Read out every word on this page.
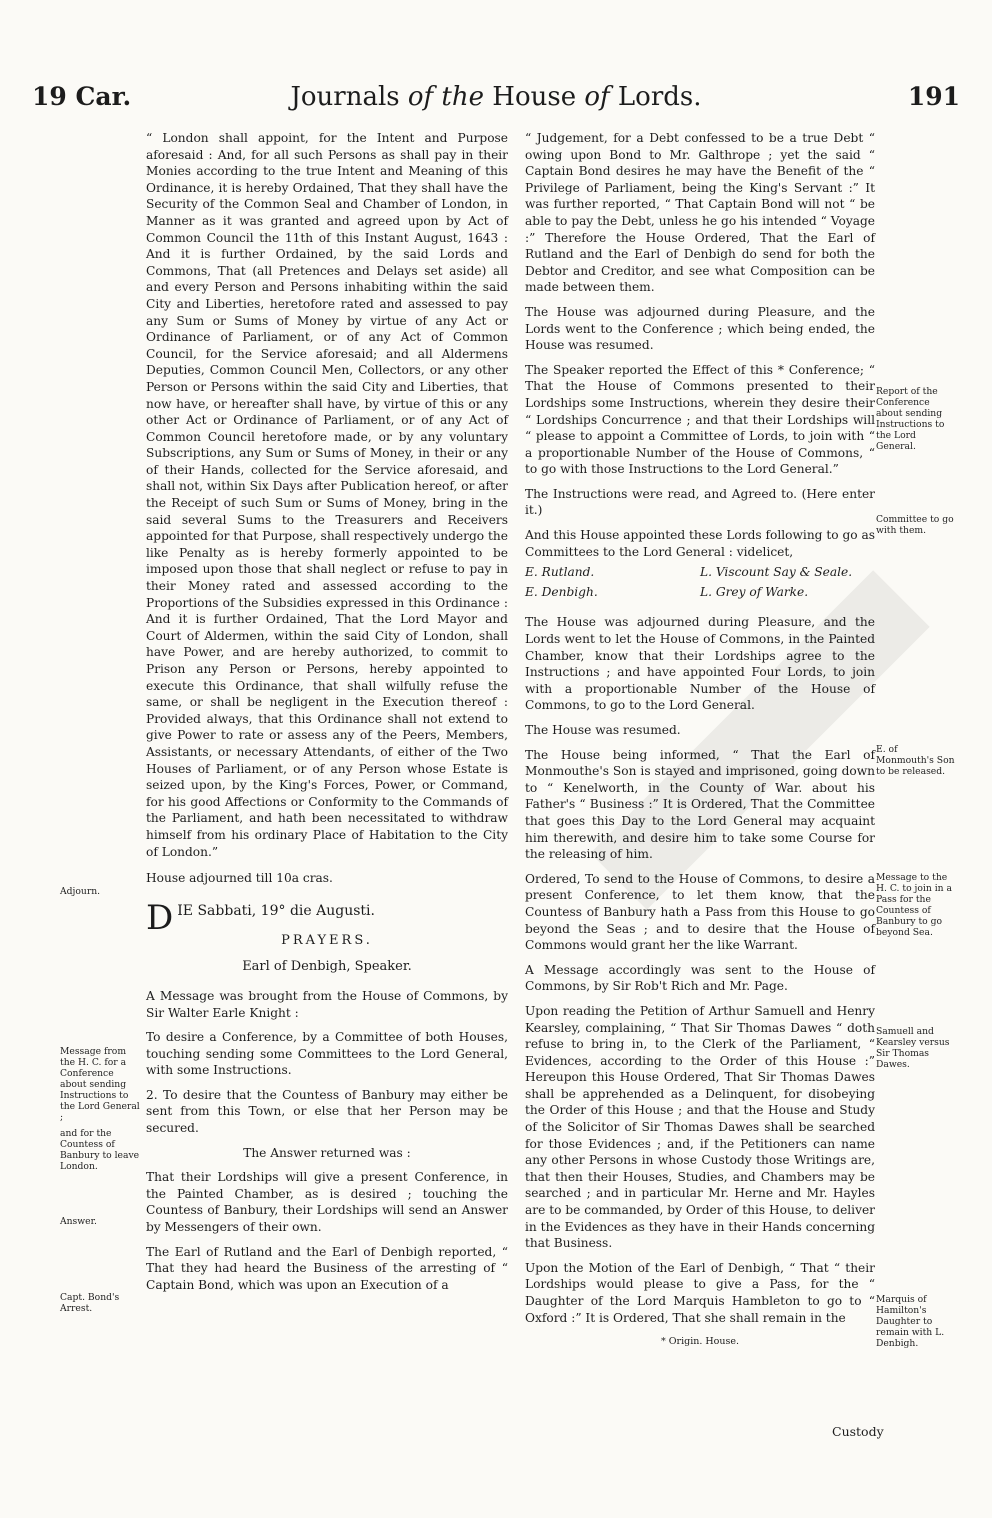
19 Car.	Journals of the House of Lords.	191

“ London shall appoint, for the Intent and Purpose aforesaid : And, for all such Persons as shall pay in their Monies according to the true Intent and Meaning of this Ordinance, it is hereby Ordained, That they shall have the Security of the Common Seal and Chamber of London, in Manner as it was granted and agreed upon by Act of Common Council the 11th of this Instant August, 1643 : And it is further Ordained, by the said Lords and Commons, That (all Pretences and Delays set aside) all and every Person and Persons inhabiting within the said City and Liberties, heretofore rated and assessed to pay any Sum or Sums of Money by virtue of any Act or Ordinance of Parliament, or of any Act of Common Council, for the Service aforesaid; and all Aldermens Deputies, Common Council Men, Collectors, or any other Person or Persons within the said City and Liberties, that now have, or hereafter shall have, by virtue of this or any other Act or Ordinance of Parliament, or of any Act of Common Council heretofore made, or by any voluntary Subscriptions, any Sum or Sums of Money, in their or any of their Hands, collected for the Service aforesaid, and shall not, within Six Days after Publication hereof, or after the Receipt of such Sum or Sums of Money, bring in the said several Sums to the Treasurers and Receivers appointed for that Purpose, shall respectively undergo the like Penalty as is hereby formerly appointed to be imposed upon those that shall neglect or refuse to pay in their Money rated and assessed according to the Proportions of the Subsidies expressed in this Ordinance : And it is further Ordained, That the Lord Mayor and Court of Aldermen, within the said City of London, shall have Power, and are hereby authorized, to commit to Prison any Person or Persons, hereby appointed to execute this Ordinance, that shall wilfully refuse the same, or shall be negligent in the Execution thereof : Provided always, that this Ordinance shall not extend to give Power to rate or assess any of the Peers, Members, Assistants, or necessary Attendants, of either of the Two Houses of Parliament, or of any Person whose Estate is seized upon, by the King's Forces, Power, or Command, for his good Affections or Conformity to the Commands of the Parliament, and hath been necessitated to withdraw himself from his ordinary Place of Habitation to the City of London.”

House adjourned till 10a cras.

D IE Sabbati, 19° die Augusti.
PRAYERS.
Earl of Denbigh, Speaker.

A Message was brought from the House of Commons, by Sir Walter Earle Knight :

To desire a Conference, by a Committee of both Houses, touching sending some Committees to the Lord General, with some Instructions.

2. To desire that the Countess of Banbury may either be sent from this Town, or else that her Person may be secured.

The Answer returned was :

That their Lordships will give a present Conference, in the Painted Chamber, as is desired ; touching the Countess of Banbury, their Lordships will send an Answer by Messengers of their own.

The Earl of Rutland and the Earl of Denbigh reported, “ That they had heard the Business of the arresting of “ Captain Bond, which was upon an Execution of a

“ Judgement, for a Debt confessed to be a true Debt “ owing upon Bond to Mr. Galthrope ; yet the said “ Captain Bond desires he may have the Benefit of the “ Privilege of Parliament, being the King's Servant :” It was further reported, “ That Captain Bond will not “ be able to pay the Debt, unless he go his intended “ Voyage :” Therefore the House Ordered, That the Earl of Rutland and the Earl of Denbigh do send for both the Debtor and Creditor, and see what Composition can be made between them.

The House was adjourned during Pleasure, and the Lords went to the Conference ; which being ended, the House was resumed.

The Speaker reported the Effect of this * Conference; “ That the House of Commons presented to their Lordships some Instructions, wherein they desire their “ Lordships Concurrence ; and that their Lordships will “ please to appoint a Committee of Lords, to join with “ a proportionable Number of the House of Commons, “ to go with those Instructions to the Lord General.”

The Instructions were read, and Agreed to. (Here enter it.)

And this House appointed these Lords following to go as Committees to the Lord General : videlicet,

E. Rutland.	L. Viscount Say & Seale.
E. Denbigh.	L. Grey of Warke.

The House was adjourned during Pleasure, and the Lords went to let the House of Commons, in the Painted Chamber, know that their Lordships agree to the Instructions ; and have appointed Four Lords, to join with a proportionable Number of the House of Commons, to go to the Lord General.

The House was resumed.

The House being informed, “ That the Earl of Monmouthe's Son is stayed and imprisoned, going down to “ Kenelworth, in the County of War. about his Father's “ Business :” It is Ordered, That the Committee that goes this Day to the Lord General may acquaint him therewith, and desire him to take some Course for the releasing of him.

Ordered, To send to the House of Commons, to desire a present Conference, to let them know, that the Countess of Banbury hath a Pass from this House to go beyond the Seas ; and to desire that the House of Commons would grant her the like Warrant.

A Message accordingly was sent to the House of Commons, by Sir Rob't Rich and Mr. Page.

Upon reading the Petition of Arthur Samuell and Henry Kearsley, complaining, “ That Sir Thomas Dawes “ doth refuse to bring in, to the Clerk of the Parliament, “ Evidences, according to the Order of this House :” Hereupon this House Ordered, That Sir Thomas Dawes shall be apprehended as a Delinquent, for disobeying the Order of this House ; and that the House and Study of the Solicitor of Sir Thomas Dawes shall be searched for those Evidences ; and, if the Petitioners can name any other Persons in whose Custody those Writings are, that then their Houses, Studies, and Chambers may be searched ; and in particular Mr. Herne and Mr. Hayles are to be commanded, by Order of this House, to deliver in the Evidences as they have in their Hands concerning that Business.

Upon the Motion of the Earl of Denbigh, “ That “ their Lordships would please to give a Pass, for the “ Daughter of the Lord Marquis Hambleton to go to “ Oxford :” It is Ordered, That she shall remain in the

* Origin. House.
Custody
Adjourn.
Message from the H. C. for a Conference about sending Instructions to the Lord General ;
and for the Countess of Banbury to leave London.
Answer.
Capt. Bond's Arrest.
Report of the Conference about sending Instructions to the Lord General.
Committee to go with them.
E. of Monmouth's Son to be released.
Message to the H. C. to join in a Pass for the Countess of Banbury to go beyond Sea.
Samuell and Kearsley versus Sir Thomas Dawes.
Marquis of Hamilton's Daughter to remain with L. Denbigh.
